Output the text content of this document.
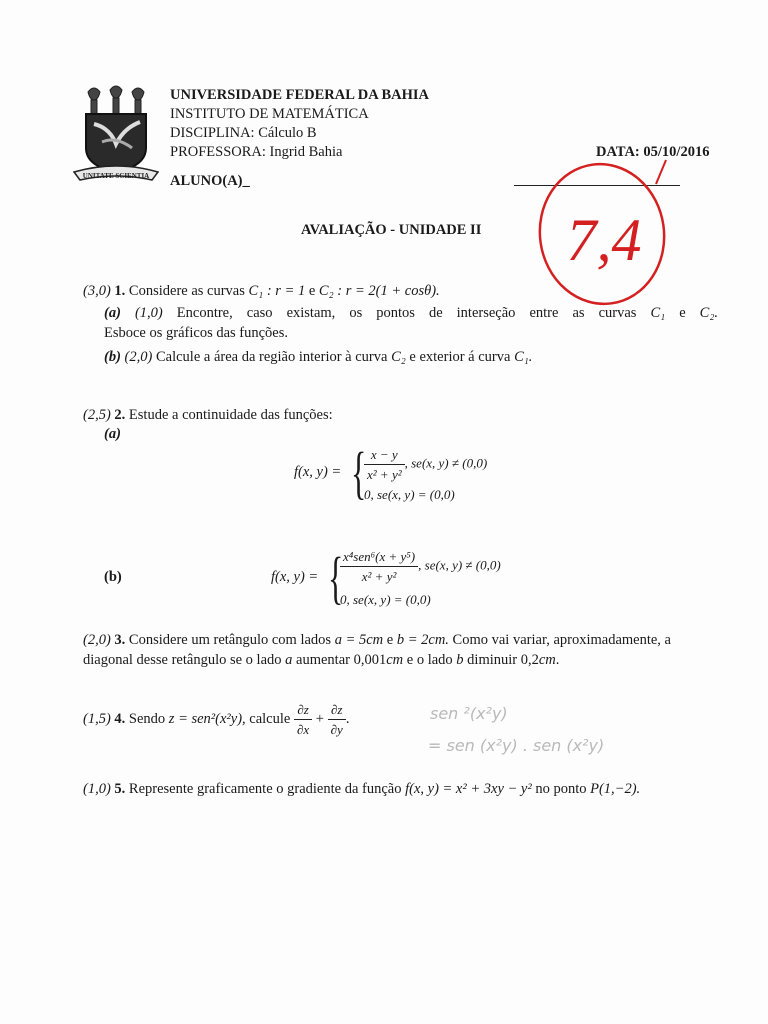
UNITATE SCIENTIA
UNIVERSIDADE FEDERAL DA BAHIA
INSTITUTO DE MATEMÁTICA
DISCIPLINA: Cálculo B
PROFESSORA: Ingrid Bahia	DATA: 05/10/2016
ALUNO(A)_
7,4
AVALIAÇÃO - UNIDADE II
(3,0) 1. Considere as curvas C₁ : r = 1 e C₂ : r = 2(1 + cosθ).
(a) (1,0) Encontre, caso existam, os pontos de interseção entre as curvas C₁ e C₂.
Esboce os gráficos das funções.
(b) (2,0) Calcule a área da região interior à curva C₂ e exterior á curva C₁.
(2,5) 2. Estude a continuidade das funções:
(a)
f(x, y) = {
$\frac{x - y}{\text{x² + y²}}$ , se(x, y) ≠ (0,0)
0, se(x, y) = (0,0)
(b)	f(x, y) = {
$\frac{\text{x⁴sen⁶(x + y⁵)}}{\text{x² + y²}}$ , se(x, y) ≠ (0,0)
0, se(x, y) = (0,0)
(2,0) 3. Considere um retângulo com lados a = 5cm e b = 2cm. Como vai variar, aproximadamente, a
diagonal desse retângulo se o lado a aumentar 0,001cm e o lado b diminuir 0,2cm.
(1,5) 4. Sendo z = sen²(x²y), calcule $\frac{\partial z}{\partial x} + \frac{\partial z}{\partial y}$ .	sen ²(x²y)
= sen (x²y) . sen (x²y)
(1,0) 5. Represente graficamente o gradiente da função f(x, y) = x² + 3xy − y² no ponto P(1,−2).
